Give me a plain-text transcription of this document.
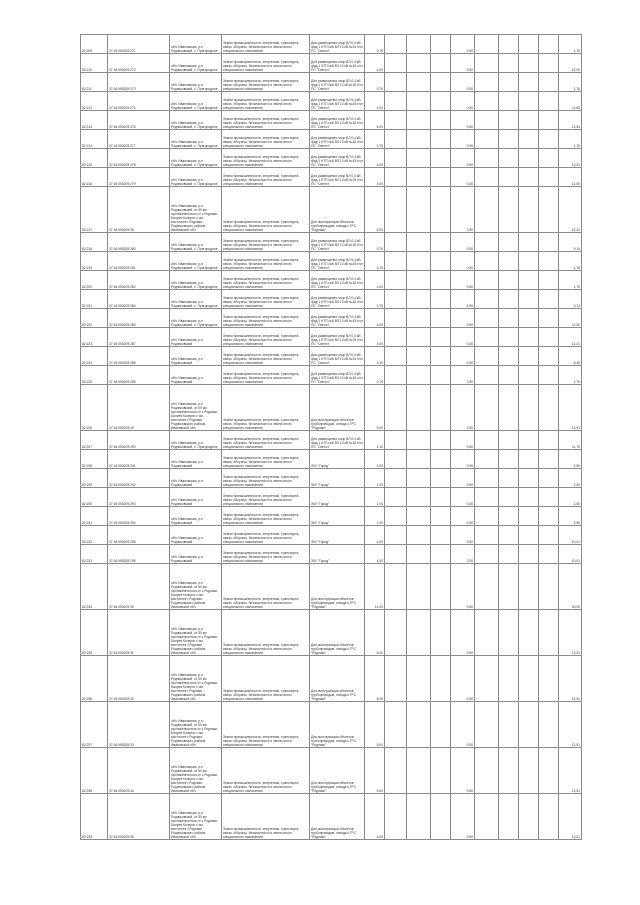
82:209	37:16:050209:271	обл. Ивановская, р-н Родниковский, с. Пригородное	Земли промышленности, энергетики, транспорта, связи, обороны, безопасности и земли иного специального назначения	Для размещения опор ВЛ 0,4 кВ фид.1 КТП №6 ВЛ 10 кВ №15 п/ст ПС "Светоч"	0,75				2,50					1,75
82:210	37:16:050209:272	обл. Ивановская, р-н Родниковский, с. Пригородное	Земли промышленности, энергетики, транспорта, связи, обороны, безопасности и земли иного специального назначения	Для размещения опор ВЛ 0,4 кВ фид.1 КТП №6 ВЛ 10 кВ №15 п/ст ПС "Светоч"	4,00				0,50					12,00
82:211	37:16:050209:273	обл. Ивановская, р-н Родниковский, с. Пригородное	Земли промышленности, энергетики, транспорта, связи, обороны, безопасности и земли иного специального назначения	Для размещения опор ВЛ 0,4 кВ фид.1 КТП №6 ВЛ 10 кВ №15 п/ст ПС "Светоч"	0,75				0,50					1,75
82:212	37:16:050209:274	обл. Ивановская, р-н Родниковский, с. Пригородное	Земли промышленности, энергетики, транспорта, связи, обороны, безопасности и земли иного специального назначения	Для размещения опор ВЛ 0,4 кВ фид.1 КТП №6 ВЛ 10 кВ №15 п/ст ПС "Светоч"	4,00				0,50					11,65
82:213	37:16:050209:275	обл. Ивановская, р-н Родниковский, с. Пригородное	Земли промышленности, энергетики, транспорта, связи, обороны, безопасности и земли иного специального назначения	Для размещения опор ВЛ 0,4 кВ фид.1 КТП №6 ВЛ 10 кВ №15 п/ст ПС "Светоч"	6,00				0,50					12,54
82:214	37:16:050209:277	обл. Ивановская, р-н Родниковский, с. Пригородное	Земли промышленности, энергетики, транспорта, связи, обороны, безопасности и земли иного специального назначения	Для размещения опор ВЛ 0,4 кВ фид.1 КТП №6 ВЛ 10 кВ №15 п/ст ПС "Светоч"	0,75				0,50					1,75
82:215	37:16:050209:278	обл. Ивановская, р-н Родниковский, с. Пригородное	Земли промышленности, энергетики, транспорта, связи, обороны, безопасности и земли иного специального назначения	Для размещения опор ВЛ 0,4 кВ фид.1 КТП №6 ВЛ 10 кВ №15 п/ст ПС "Светоч"	4,00				0,50					10,51
82:216	37:16:050209:279	обл. Ивановская, р-н Родниковский, с. Пригородное	Земли промышленности, энергетики, транспорта, связи, обороны, безопасности и земли иного специального назначения	Для размещения опор ВЛ 0,4 кВ фид.1 КТП №6 ВЛ 10 кВ №15 п/ст ПС "Светоч"	4,00				0,50					12,00
82:217	37:16:050209:28	обл. Ивановская, р-н Родниковский, от 50 км протяжённостью от с.Родники-Балуев Кочерги с им. восточнее г.Родники Родниковского района Ивановской обл	Земли промышленности, энергетики, транспорта, связи, обороны, безопасности и земли иного специального назначения	Для эксплуатации объектов трубопроводов, отвода к ГРС "Родники"	5,00				2,50					12,31
82:218	37:16:050209:280	обл. Ивановская, р-н Родниковский, с. Пригородное	Земли промышленности, энергетики, транспорта, связи, обороны, безопасности и земли иного специального назначения	Для размещения опор ВЛ 0,4 кВ фид.1 КТП №6 ВЛ 10 кВ №15 п/ст ПС "Светоч"	0,75				0,50					9,10
82:219	37:16:050209:281	обл. Ивановская, р-н Родниковский, с. Пригородное	Земли промышленности, энергетики, транспорта, связи, обороны, безопасности и земли иного специального назначения	Для размещения опор ВЛ 0,4 кВ фид.1 КТП №6 ВЛ 10 кВ №15 п/ст ПС "Светоч"	0,75				0,50					1,75
82:220	37:16:050209:282	обл. Ивановская, р-н Родниковский, с. Пригородное	Земли промышленности, энергетики, транспорта, связи, обороны, безопасности и земли иного специального назначения	Для размещения опор ВЛ 0,4 кВ фид.1 КТП №6 ВЛ 10 кВ №15 п/ст ПС "Светоч"	4,00				0,50					1,75
82:221	37:16:050209:284	обл. Ивановская, р-н Родниковский, с. Пригородное	Земли промышленности, энергетики, транспорта, связи, обороны, безопасности и земли иного специального назначения	Для размещения опор ВЛ 0,4 кВ фид.1 КТП №6 ВЛ 10 кВ №15 п/ст ПС "Светоч"	0,75				4,50					0,74
82:222	37:16:050209:285	обл. Ивановская, р-н Родниковский, с. Пригородное	Земли промышленности, энергетики, транспорта, связи, обороны, безопасности и земли иного специального назначения	Для размещения опор ВЛ 0,4 кВ фид.1 КТП №6 ВЛ 10 кВ №15 п/ст ПС "Светоч"	4,00				0,50					11,00
82:223	37:16:050209:287	обл. Ивановская, р-н Родниковский	Земли промышленности, энергетики, транспорта, связи, обороны, безопасности и земли иного специального назначения	Для размещения опор ВЛ 0,4 кВ фид.1 КТП №6 ВЛ 10 кВ №15 п/ст ПС "Светоч"	4,00				0,50					12,21
82:224	37:16:050209:288	обл. Ивановская, р-н Родниковский	Земли промышленности, энергетики, транспорта, связи, обороны, безопасности и земли иного специального назначения	Для размещения опор ВЛ 0,4 кВ фид.1 КТП №6 ВЛ 10 кВ №15 п/ст ПС "Светоч"	3,30				0,50					8,45
82:225	37:16:050209:289	обл. Ивановская, р-н Родниковский	Земли промышленности, энергетики, транспорта, связи, обороны, безопасности и земли иного специального назначения	Для размещения опор ВЛ 0,4 кВ фид.1 КТП №6 ВЛ 10 кВ №15 п/ст ПС "Светоч"	0,75				2,50					1,75
82:226	37:16:050209:29	обл. Ивановская, р-н Родниковский, от 50 км протяжённостью от с.Родники-Балуев Кочерги с им. восточнее г.Родники Родниковского района Ивановской обл	Земли промышленности, энергетики, транспорта, связи, обороны, безопасности и земли иного специального назначения	Для эксплуатации объектов трубопроводов, отвода к ГРС "Родники"	5,00				2,50					12,51
82:227	37:16:050209:290	обл. Ивановская, р-н Родниковский, с. Пригородное	Земли промышленности, энергетики, транспорта, связи, обороны, безопасности и земли иного специального назначения	Для размещения опор ВЛ 0,4 кВ фид.1 КТП №6 ВЛ 10 кВ №15 п/ст ПС "Светоч"	4,10				0,50					11,75
82:228	37:16:050209:291	обл. Ивановская, р-н Родниковский	Земли промышленности, энергетики, транспорта, связи, обороны, безопасности и земли иного специального назначения	ЗКУ "Город"	1,00				0,50					2,50
82:229	37:16:050209:292	обл. Ивановская, р-н Родниковский	Земли промышленности, энергетики, транспорта, связи, обороны, безопасности и земли иного специального назначения	ЗКУ "Город"	1,00				0,50					2,50
82:230	37:16:050209:293	обл. Ивановская, р-н Родниковский	Земли промышленности, энергетики, транспорта, связи, обороны, безопасности и земли иного специального назначения	ЗКУ "Город"	1,00				0,50					2,50
82:231	37:16:050209:294	обл. Ивановская, р-н Родниковский	Земли промышленности, энергетики, транспорта, связи, обороны, безопасности и земли иного специального назначения	ЗКУ "Город"	1,00				0,50					2,50
82:232	37:16:050209:295	обл. Ивановская, р-н Родниковский	Земли промышленности, энергетики, транспорта, связи, обороны, безопасности и земли иного специального назначения	ЗКУ "Город"	4,00				0,50					10,01
82:233	37:16:050209:296	обл. Ивановская, р-н Родниковский	Земли промышленности, энергетики, транспорта, связи, обороны, безопасности и земли иного специального назначения	ЗКУ "Город"	4,00				2,50					10,01
82:234	37:16:050209:30	обл. Ивановская, р-н Родниковский, от 50 км протяжённостью от с.Родники-Балуев Кочерги с им. восточнее г.Родники Родниковского района Ивановской обл	Земли промышленности, энергетики, транспорта, связи, обороны, безопасности и земли иного специального назначения	Для эксплуатации объектов трубопроводов, отвода к ГРС "Родники"	14,00				0,50					40,00
82:235	37:16:050209:31	обл. Ивановская, р-н Родниковский, от 50 км протяжённостью от с.Родники-Балуев Кочерги с им. восточнее г.Родники Родниковского района Ивановской обл	Земли промышленности, энергетики, транспорта, связи, обороны, безопасности и земли иного специального назначения	Для эксплуатации объектов трубопроводов, отвода к ГРС "Родники"	5,00				0,50					12,51
82:236	37:16:050209:32	обл. Ивановская, р-н Родниковский, от 50 км протяжённостью от с.Родники-Балуев Кочерги с им. восточнее г.Родники Родниковского района Ивановской обл	Земли промышленности, энергетики, транспорта, связи, обороны, безопасности и земли иного специального назначения	Для эксплуатации объектов трубопроводов, отвода к ГРС "Родники"	5,00				0,50					12,51
82:237	37:16:050209:33	обл. Ивановская, р-н Родниковский, от 50 км протяжённостью от с.Родники-Балуев Кочерги с им. восточнее г.Родники Родниковского района Ивановской обл	Земли промышленности, энергетики, транспорта, связи, обороны, безопасности и земли иного специального назначения	Для эксплуатации объектов трубопроводов, отвода к ГРС "Родники"	5,00				0,50					12,51
82:238	37:16:050209:34	обл. Ивановская, р-н Родниковский, от 50 км протяжённостью от с.Родники-Балуев Кочерги с им. восточнее г.Родники Родниковского района Ивановской обл	Земли промышленности, энергетики, транспорта, связи, обороны, безопасности и земли иного специального назначения	Для эксплуатации объектов трубопроводов, отвода к ГРС "Родники"	5,00				0,50					12,51
82:239	37:16:050209:35	обл. Ивановская, р-н Родниковский, от 50 км протяжённостью от с.Родники-Балуев Кочерги с им. восточнее г.Родники Родниковского района Ивановской обл	Земли промышленности, энергетики, транспорта, связи, обороны, безопасности и земли иного специального назначения	Для эксплуатации объектов трубопроводов, отвода к ГРС "Родники"	4,00				0,50					10,01
